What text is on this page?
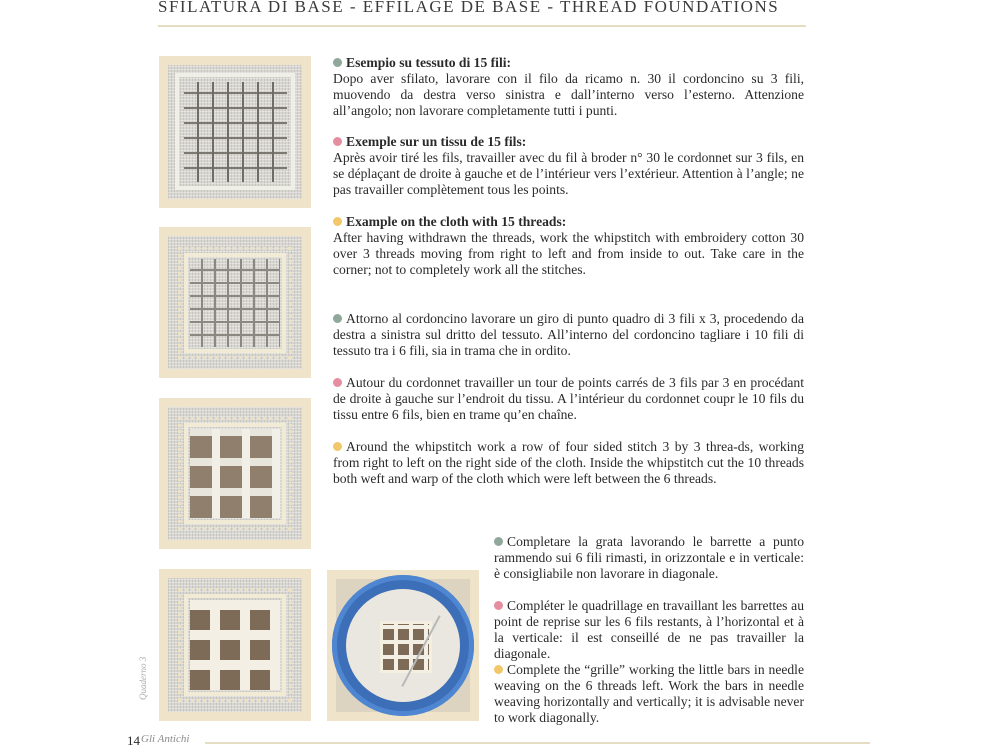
SFILATURA DI BASE - EFFILAGE DE BASE - THREAD FOUNDATIONS
Esempio su tessuto di 15 fili:
Dopo aver sfilato, lavorare con il filo da ricamo n. 30 il cordoncino su 3 fili, muovendo da destra verso sinistra e dall’interno verso l’esterno. Attenzione all’angolo; non lavorare completamente tutti i punti.
Exemple sur un tissu de 15 fils:
Après avoir tiré les fils, travailler avec du fil à broder n° 30 le cordonnet sur 3 fils, en se déplaçant de droite à gauche et de l’intérieur vers l’extérieur. Attention à l’angle; ne pas travailler complètement tous les points.
Example on the cloth with 15 threads:
After having withdrawn the threads, work the whipstitch with embroidery cotton 30 over 3 threads moving from right to left and from inside to out. Take care in the corner; not to completely work all the stitches.
Attorno al cordoncino lavorare un giro di punto quadro di 3 fili x 3, procedendo da destra a sinistra sul dritto del tessuto. All’interno del cordoncino tagliare i 10 fili di tessuto tra i 6 fili, sia in trama che in ordito.
Autour du cordonnet travailler un tour de points carrés de 3 fils par 3 en procédant de droite à gauche sur l’endroit du tissu. A l’intérieur du cordonnet coupr le 10 fils du tissu entre 6 fils, bien en trame qu’en chaîne.
Around the whipstitch work a row of four sided stitch 3 by 3 threa-ds, working from right to left on the right side of the cloth. Inside the whipstitch cut the 10 threads both weft and warp of the cloth which were left between the 6 threads.
Completare la grata lavorando le barrette a punto rammendo sui 6 fili rimasti, in orizzontale e in verticale: è consigliabile non lavorare in diagonale.
Compléter le quadrillage en travaillant les barrettes au point de reprise sur les 6 fils restants, à l’horizontal et à la verticale: il est conseillé de ne pas travailler la diagonale.
Complete the “grille” working the little bars in needle weaving on the 6 threads left. Work the bars in needle weaving horizontally and vertically; it is advisable never to work diagonally.
Quaderno 3
14 Gli Antichi
